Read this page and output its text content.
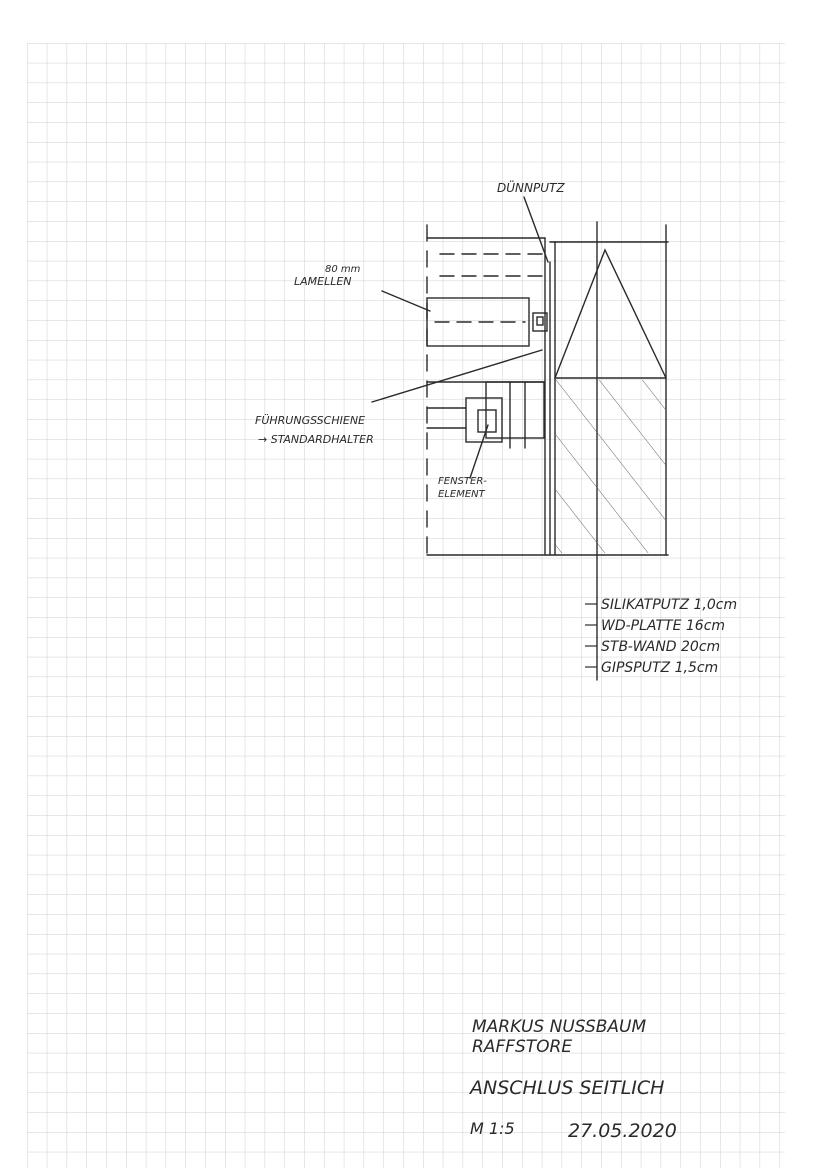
DÜNNPUTZ
80 mm
LAMELLEN
FÜHRUNGSSCHIENE
→ STANDARDHALTER
FENSTER-
ELEMENT
SILIKATPUTZ 1,0cm
WD-PLATTE 16cm
STB-WAND 20cm
GIPSPUTZ 1,5cm
MARKUS NUSSBAUM
RAFFSTORE
ANSCHLUS SEITLICH
M 1:5	27.05.2020
